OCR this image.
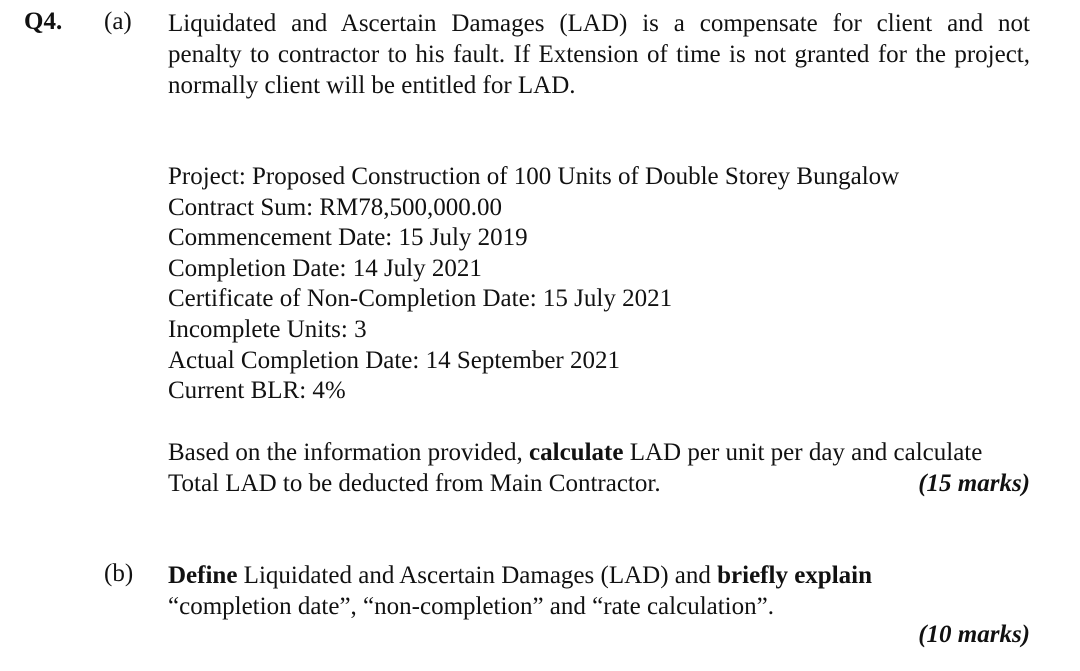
Q4. (a) Liquidated and Ascertain Damages (LAD) is a compensate for client and not
penalty to contractor to his fault. If Extension of time is not granted for the project,
normally client will be entitled for LAD.
Project: Proposed Construction of 100 Units of Double Storey Bungalow
Contract Sum: RM78,500,000.00
Commencement Date: 15 July 2019
Completion Date: 14 July 2021
Certificate of Non-Completion Date: 15 July 2021
Incomplete Units: 3
Actual Completion Date: 14 September 2021
Current BLR: 4%
Based on the information provided, calculate LAD per unit per day and calculate
Total LAD to be deducted from Main Contractor.	(15 marks)
(b) Define Liquidated and Ascertain Damages (LAD) and briefly explain
“completion date”, “non-completion” and “rate calculation”.
(10 marks)
